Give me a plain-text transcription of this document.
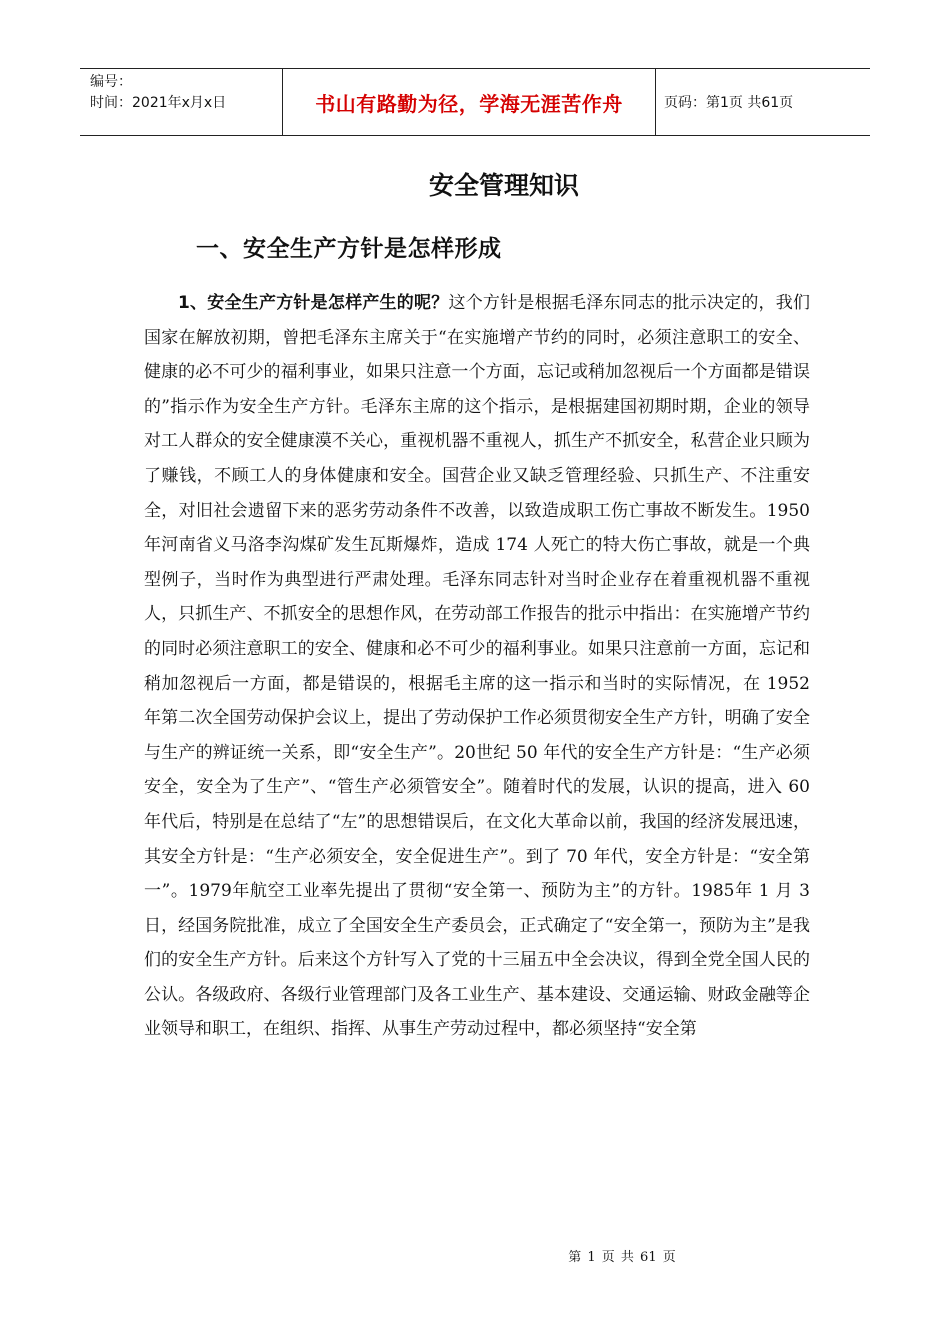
编号：
时间：2021年x月x日	书山有路勤为径，学海无涯苦作舟	页码：第1页 共61页
安全管理知识
一、安全生产方针是怎样形成

1、安全生产方针是怎样产生的呢？这个方针是根据毛泽东同志的批示决定的，我们国家在解放初期，曾把毛泽东主席关于“在实施增产节约的同时，必须注意职工的安全、健康的必不可少的福利事业，如果只注意一个方面，忘记或稍加忽视后一个方面都是错误的”指示作为安全生产方针。毛泽东主席的这个指示，是根据建国初期时期，企业的领导对工人群众的安全健康漠不关心，重视机器不重视人，抓生产不抓安全，私营企业只顾为了赚钱，不顾工人的身体健康和安全。国营企业又缺乏管理经验、只抓生产、不注重安全，对旧社会遗留下来的恶劣劳动条件不改善，以致造成职工伤亡事故不断发生。1950年河南省义马洛李沟煤矿发生瓦斯爆炸，造成 174 人死亡的特大伤亡事故，就是一个典型例子，当时作为典型进行严肃处理。毛泽东同志针对当时企业存在着重视机器不重视人，只抓生产、不抓安全的思想作风，在劳动部工作报告的批示中指出：在实施增产节约的同时必须注意职工的安全、健康和必不可少的福利事业。如果只注意前一方面，忘记和稍加忽视后一方面，都是错误的，根据毛主席的这一指示和当时的实际情况，在 1952 年第二次全国劳动保护会议上，提出了劳动保护工作必须贯彻安全生产方针，明确了安全与生产的辨证统一关系，即“安全生产”。20世纪 50 年代的安全生产方针是：“生产必须安全，安全为了生产”、“管生产必须管安全”。随着时代的发展，认识的提高，进入 60 年代后，特别是在总结了“左”的思想错误后，在文化大革命以前，我国的经济发展迅速，其安全方针是：“生产必须安全，安全促进生产”。到了 70 年代，安全方针是：“安全第一”。1979年航空工业率先提出了贯彻“安全第一、预防为主”的方针。1985年 1 月 3 日，经国务院批准，成立了全国安全生产委员会，正式确定了“安全第一，预防为主”是我们的安全生产方针。后来这个方针写入了党的十三届五中全会决议，得到全党全国人民的公认。各级政府、各级行业管理部门及各工业生产、基本建设、交通运输、财政金融等企业领导和职工，在组织、指挥、从事生产劳动过程中，都必须坚持“安全第

第 1 页 共 61 页
